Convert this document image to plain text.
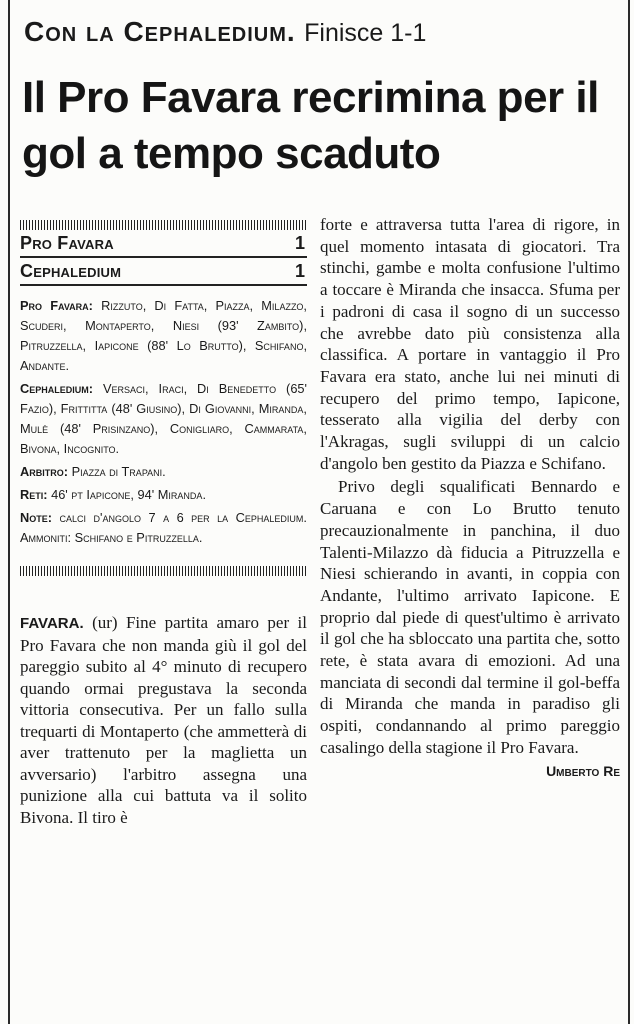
Con la Cephaledium. Finisce 1-1
Il Pro Favara recrimina per il gol a tempo scaduto
Pro Favara	1
Cephaledium	1

Pro Favara: Rizzuto, Di Fatta, Piazza, Milazzo, Scuderi, Montaperto, Niesi (93' Zambito), Pitruzzella, Iapicone (88' Lo Brutto), Schifano, Andante.

Cephaledium: Versaci, Iraci, Di Benedetto (65' Fazio), Frittitta (48' Giusino), Di Giovanni, Miranda, Mulè (48' Prisinzano), Conigliaro, Cammarata, Bivona, Incognito.

Arbitro: Piazza di Trapani.

Reti: 46' pt Iapicone, 94' Miranda.

Note: calci d'angolo 7 a 6 per la Cephaledium. Ammoniti: Schifano e Pitruzzella.

FAVARA. (ur) Fine partita amaro per il Pro Favara che non manda giù il gol del pareggio subito al 4° minuto di recupero quando ormai pregustava la seconda vittoria consecutiva. Per un fallo sulla trequarti di Montaperto (che ammetterà di aver trattenuto per la maglietta un avversario) l'arbitro assegna una punizione alla cui battuta va il solito Bivona. Il tiro è

forte e attraversa tutta l'area di rigore, in quel momento intasata di giocatori. Tra stinchi, gambe e molta confusione l'ultimo a toccare è Miranda che insacca. Sfuma per i padroni di casa il sogno di un successo che avrebbe dato più consistenza alla classifica. A portare in vantaggio il Pro Favara era stato, anche lui nei minuti di recupero del primo tempo, Iapicone, tesserato alla vigilia del derby con l'Akragas, sugli sviluppi di un calcio d'angolo ben gestito da Piazza e Schifano.

Privo degli squalificati Bennardo e Caruana e con Lo Brutto tenuto precauzionalmente in panchina, il duo Talenti-Milazzo dà fiducia a Pitruzzella e Niesi schierando in avanti, in coppia con Andante, l'ultimo arrivato Iapicone. E proprio dal piede di quest'ultimo è arrivato il gol che ha sbloccato una partita che, sotto rete, è stata avara di emozioni. Ad una manciata di secondi dal termine il gol-beffa di Miranda che manda in paradiso gli ospiti, condannando al primo pareggio casalingo della stagione il Pro Favara.

Umberto Re
